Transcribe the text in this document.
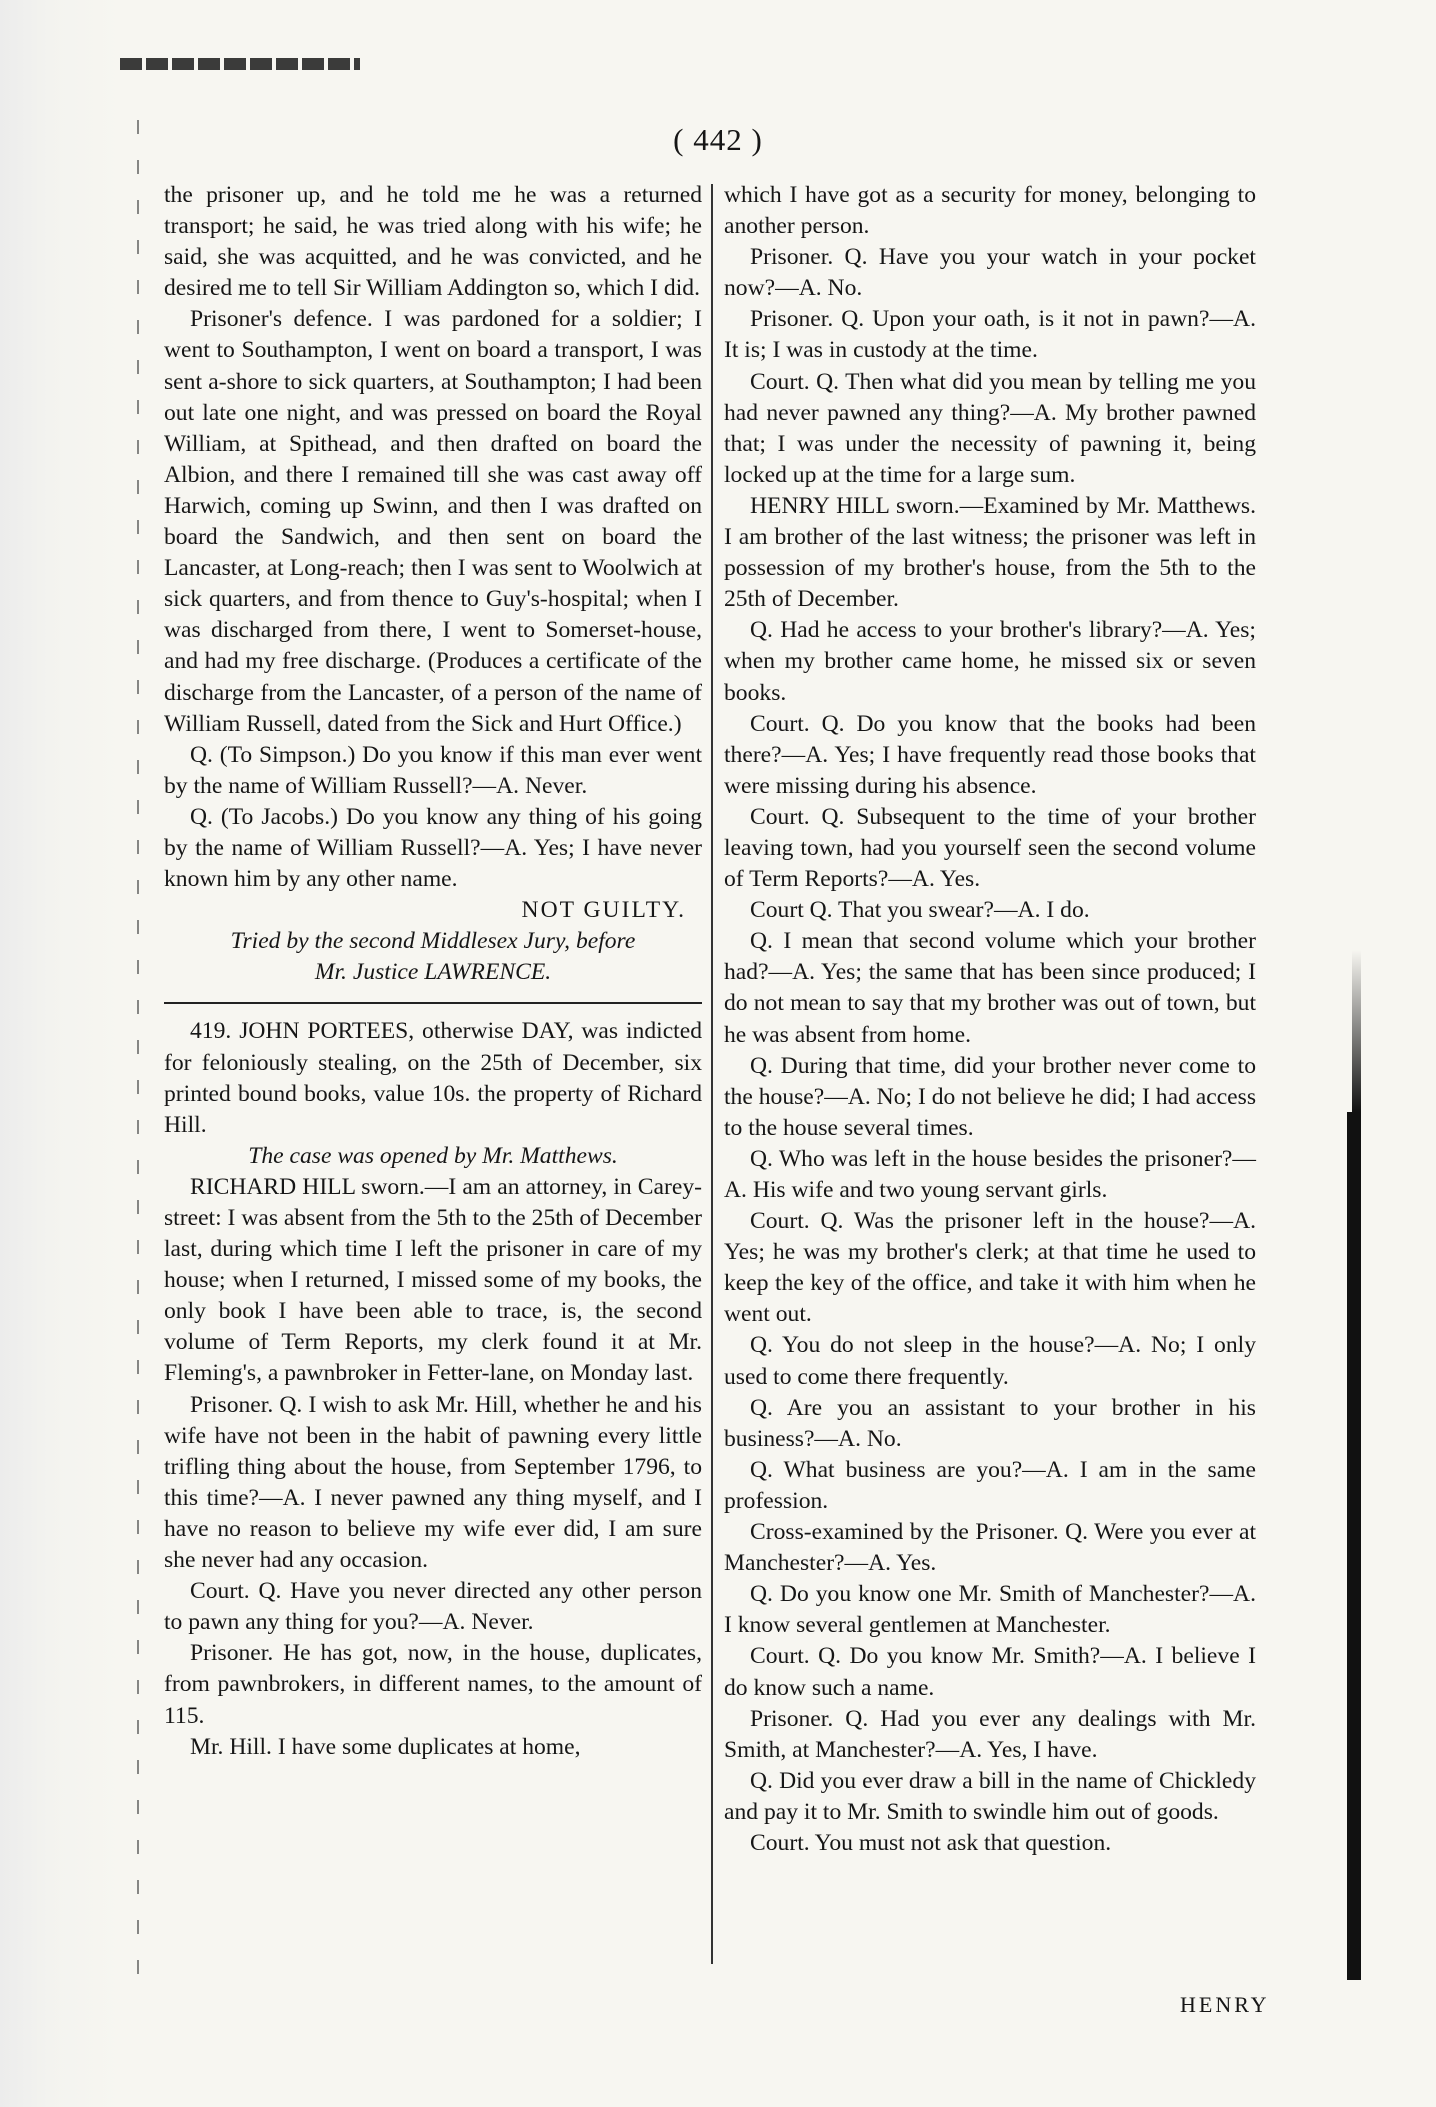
( 442 )

the prisoner up, and he told me he was a returned transport; he said, he was tried along with his wife; he said, she was acquitted, and he was convicted, and he desired me to tell Sir William Addington so, which I did.

Prisoner's defence. I was pardoned for a soldier; I went to Southampton, I went on board a transport, I was sent a-shore to sick quarters, at Southampton; I had been out late one night, and was pressed on board the Royal William, at Spithead, and then drafted on board the Albion, and there I remained till she was cast away off Harwich, coming up Swinn, and then I was drafted on board the Sandwich, and then sent on board the Lancaster, at Long-reach; then I was sent to Woolwich at sick quarters, and from thence to Guy's-hospital; when I was discharged from there, I went to Somerset-house, and had my free discharge. (Produces a certificate of the discharge from the Lancaster, of a person of the name of William Russell, dated from the Sick and Hurt Office.)

Q. (To Simpson.) Do you know if this man ever went by the name of William Russell?—A. Never.

Q. (To Jacobs.) Do you know any thing of his going by the name of William Russell?—A. Yes; I have never known him by any other name.

NOT GUILTY.

Tried by the second Middlesex Jury, before

Mr. Justice LAWRENCE.

419. JOHN PORTEES, otherwise DAY, was indicted for feloniously stealing, on the 25th of December, six printed bound books, value 10s. the property of Richard Hill.

The case was opened by Mr. Matthews.

RICHARD HILL sworn.—I am an attorney, in Carey-street: I was absent from the 5th to the 25th of December last, during which time I left the prisoner in care of my house; when I returned, I missed some of my books, the only book I have been able to trace, is, the second volume of Term Reports, my clerk found it at Mr. Fleming's, a pawnbroker in Fetter-lane, on Monday last.

Prisoner. Q. I wish to ask Mr. Hill, whether he and his wife have not been in the habit of pawning every little trifling thing about the house, from September 1796, to this time?—A. I never pawned any thing myself, and I have no reason to believe my wife ever did, I am sure she never had any occasion.

Court. Q. Have you never directed any other person to pawn any thing for you?—A. Never.

Prisoner. He has got, now, in the house, duplicates, from pawnbrokers, in different names, to the amount of 115.

Mr. Hill. I have some duplicates at home,

which I have got as a security for money, belonging to another person.

Prisoner. Q. Have you your watch in your pocket now?—A. No.

Prisoner. Q. Upon your oath, is it not in pawn?—A. It is; I was in custody at the time.

Court. Q. Then what did you mean by telling me you had never pawned any thing?—A. My brother pawned that; I was under the necessity of pawning it, being locked up at the time for a large sum.

HENRY HILL sworn.—Examined by Mr. Matthews. I am brother of the last witness; the prisoner was left in possession of my brother's house, from the 5th to the 25th of December.

Q. Had he access to your brother's library?—A. Yes; when my brother came home, he missed six or seven books.

Court. Q. Do you know that the books had been there?—A. Yes; I have frequently read those books that were missing during his absence.

Court. Q. Subsequent to the time of your brother leaving town, had you yourself seen the second volume of Term Reports?—A. Yes.

Court Q. That you swear?—A. I do.

Q. I mean that second volume which your brother had?—A. Yes; the same that has been since produced; I do not mean to say that my brother was out of town, but he was absent from home.

Q. During that time, did your brother never come to the house?—A. No; I do not believe he did; I had access to the house several times.

Q. Who was left in the house besides the prisoner?—A. His wife and two young servant girls.

Court. Q. Was the prisoner left in the house?—A. Yes; he was my brother's clerk; at that time he used to keep the key of the office, and take it with him when he went out.

Q. You do not sleep in the house?—A. No; I only used to come there frequently.

Q. Are you an assistant to your brother in his business?—A. No.

Q. What business are you?—A. I am in the same profession.

Cross-examined by the Prisoner. Q. Were you ever at Manchester?—A. Yes.

Q. Do you know one Mr. Smith of Manchester?—A. I know several gentlemen at Manchester.

Court. Q. Do you know Mr. Smith?—A. I believe I do know such a name.

Prisoner. Q. Had you ever any dealings with Mr. Smith, at Manchester?—A. Yes, I have.

Q. Did you ever draw a bill in the name of Chickledy and pay it to Mr. Smith to swindle him out of goods.

Court. You must not ask that question.

HENRY
